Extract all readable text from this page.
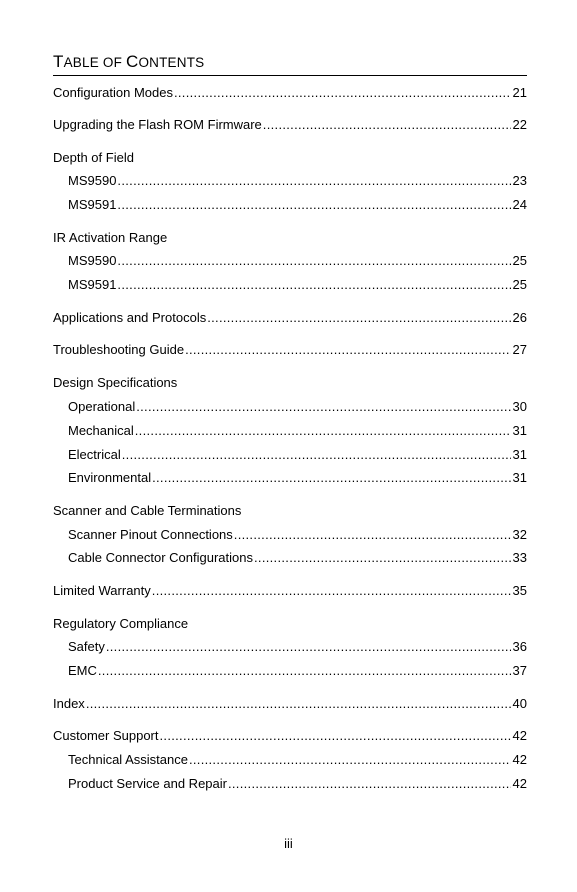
TABLE OF CONTENTS
Configuration Modes .....	21
Upgrading the Flash ROM Firmware .....	22
Depth of Field
MS9590 .....	23
MS9591 .....	24
IR Activation Range
MS9590 .....	25
MS9591 .....	25
Applications and Protocols .....	26
Troubleshooting Guide .....	27
Design Specifications
Operational .....	30
Mechanical .....	31
Electrical .....	31
Environmental .....	31
Scanner and Cable Terminations
Scanner Pinout Connections .....	32
Cable Connector Configurations .....	33
Limited Warranty .....	35
Regulatory Compliance
Safety .....	36
EMC .....	37
Index .....	40
Customer Support .....	42
Technical Assistance .....	42
Product Service and Repair .....	42
iii
